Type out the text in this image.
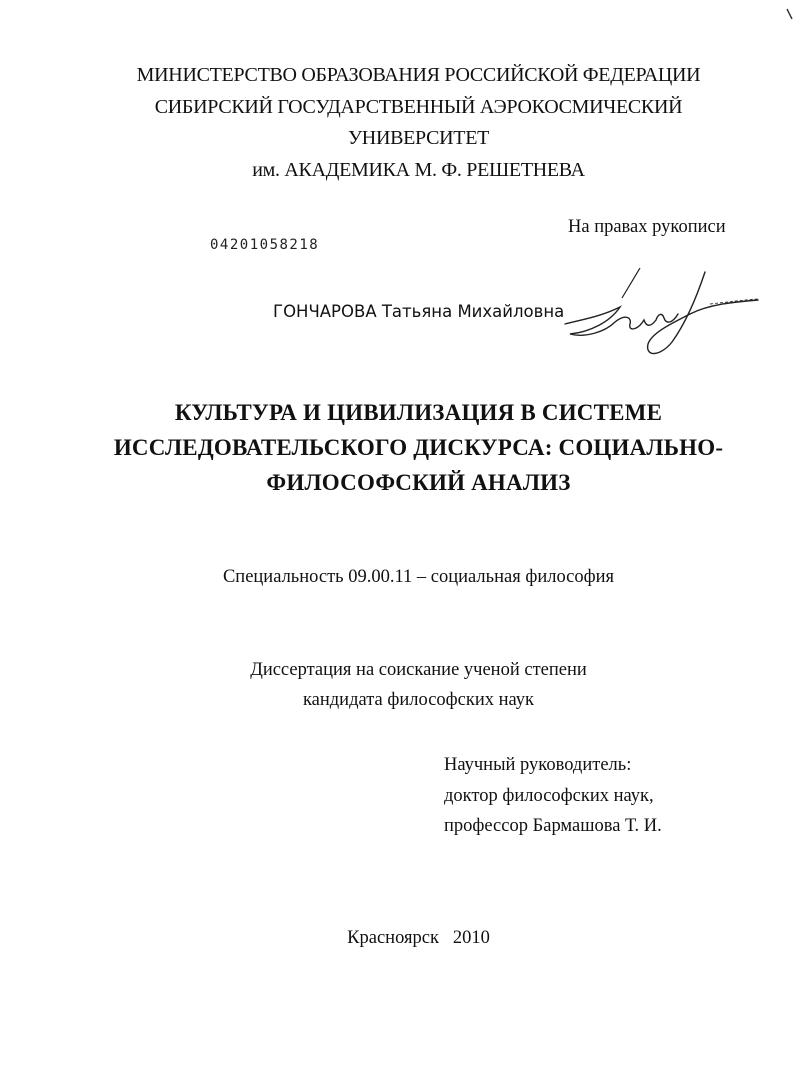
МИНИСТЕРСТВО ОБРАЗОВАНИЯ РОССИЙСКОЙ ФЕДЕРАЦИИ
СИБИРСКИЙ ГОСУДАРСТВЕННЫЙ АЭРОКОСМИЧЕСКИЙ
УНИВЕРСИТЕТ
им. АКАДЕМИКА М. Ф. РЕШЕТНЕВА
На правах рукописи
04201058218
ГОНЧАРОВА Татьяна Михайловна
КУЛЬТУРА И ЦИВИЛИЗАЦИЯ В СИСТЕМЕ
ИССЛЕДОВАТЕЛЬСКОГО ДИСКУРСА: СОЦИАЛЬНО-
ФИЛОСОФСКИЙ АНАЛИЗ
Специальность 09.00.11 – социальная философия
Диссертация на соискание ученой степени
кандидата философских наук
Научный руководитель:
доктор философских наук,
профессор Бармашова Т. И.
Красноярск   2010
